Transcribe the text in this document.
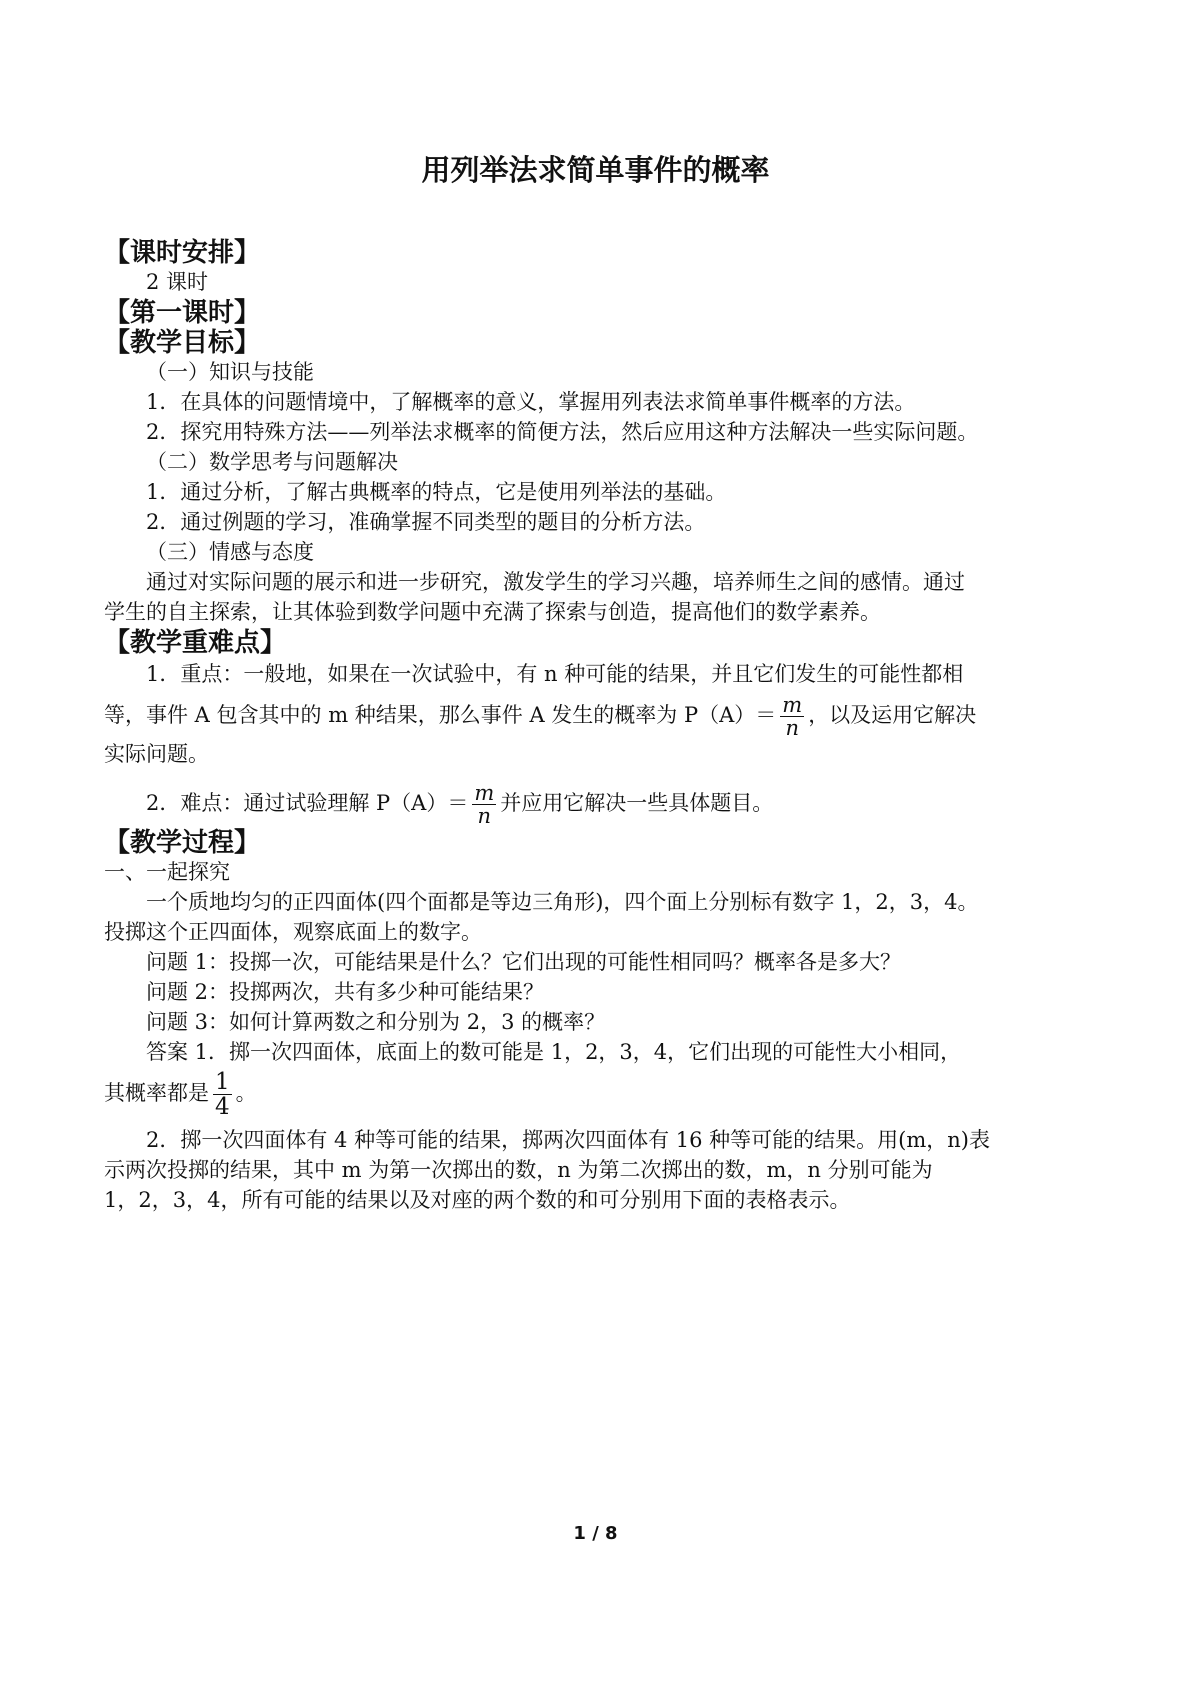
用列举法求简单事件的概率
【课时安排】
2 课时
【第一课时】
【教学目标】
（一）知识与技能
1．在具体的问题情境中，了解概率的意义，掌握用列表法求简单事件概率的方法。
2．探究用特殊方法——列举法求概率的简便方法，然后应用这种方法解决一些实际问题。
（二）数学思考与问题解决
1．通过分析，了解古典概率的特点，它是使用列举法的基础。
2．通过例题的学习，准确掌握不同类型的题目的分析方法。
（三）情感与态度
通过对实际问题的展示和进一步研究，激发学生的学习兴趣，培养师生之间的感情。通过
学生的自主探索，让其体验到数学问题中充满了探索与创造，提高他们的数学素养。
【教学重难点】
1．重点：一般地，如果在一次试验中，有 n 种可能的结果，并且它们发生的可能性都相
等，事件 A 包含其中的 m 种结果，那么事件 A 发生的概率为 $P(A)= \frac{m}{n}$ ，以及运用它解决
实际问题。
2．难点：通过试验理解 $P(A)= \frac{m}{n}$ 并应用它解决一些具体题目。
【教学过程】
一、一起探究
一个质地均匀的正四面体(四个面都是等边三角形)，四个面上分别标有数字 1，2，3，4。
投掷这个正四面体，观察底面上的数字。
问题 1：投掷一次，可能结果是什么？它们出现的可能性相同吗？概率各是多大？
问题 2：投掷两次，共有多少种可能结果？
问题 3：如何计算两数之和分别为 2，3 的概率？
答案 1．掷一次四面体，底面上的数可能是 1，2，3，4，它们出现的可能性大小相同，
其概率都是 $\frac{1}{4}$ 。
2．掷一次四面体有 4 种等可能的结果，掷两次四面体有 16 种等可能的结果。用(m，n)表
示两次投掷的结果，其中 m 为第一次掷出的数，n 为第二次掷出的数，m，n 分别可能为
1，2，3，4，所有可能的结果以及对座的两个数的和可分别用下面的表格表示。
1 / 8
